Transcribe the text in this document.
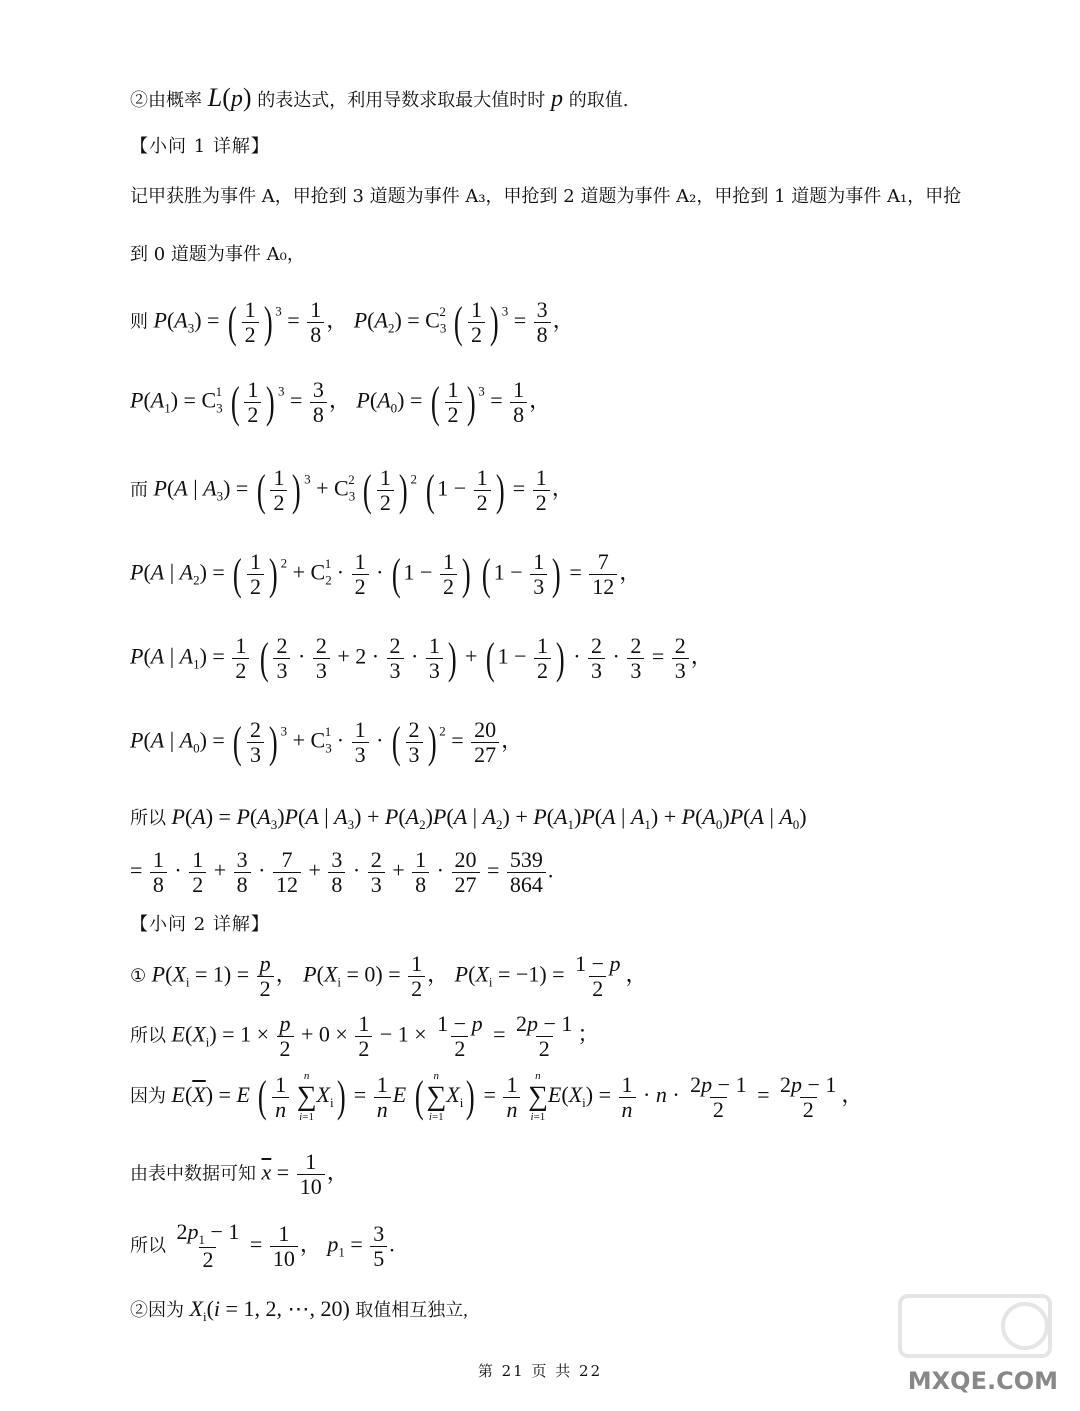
②由概率 L(p) 的表达式，利用导数求取最大值时时 p 的取值.
【小问 1 详解】
记甲获胜为事件 A，甲抢到 3 道题为事件 A₃，甲抢到 2 道题为事件 A₂，甲抢到 1 道题为事件 A₁，甲抢
到 0 道题为事件 A₀，
则 $P(A_3)$ = ( $\frac{1}{2}$ ) $^3 = \frac{1}{8}$ ， $P(A_2) = C_3^2$ ( $\frac{1}{2}$ ) $^3 = \frac{3}{8}$ ，
$P(A_1) = C_3^1$ ( $\frac{1}{2}$ ) $^3 = \frac{3}{8}$ ， $P(A_0)$ = ( $\frac{1}{2}$ ) $^3 = \frac{1}{8}$ ，
而 P(A | $A_3$) = ( $\frac{1}{2}$ ) $^3 + C_3^2$ ( $\frac{1}{2}$ ) $^2$ ( $1 - \frac{1}{2}$ ) = $\frac{1}{2}$ ，
P(A | $A_2$) = ( $\frac{1}{2}$ ) $^2 + C_2^1 \cdot \frac{1}{2}$ · ( $1 - \frac{1}{2}$ ) ( $1 - \frac{1}{3}$ ) = $\frac{7}{12}$ ，
P(A | $A_1) = \frac{1}{2}$ ( $\frac{2}{3} \cdot \frac{2}{3} + 2 \cdot \frac{2}{3} \cdot \frac{1}{3}$ ) + ( $1 - \frac{1}{2}$ ) · $\frac{2}{3} \cdot \frac{2}{3} = \frac{2}{3}$ ，
P(A | $A_0$) = ( $\frac{2}{3}$ ) $^3 + C_3^1 \cdot \frac{1}{3}$ · ( $\frac{2}{3}$ ) $^2 = \frac{20}{27}$ ，
所以 $P(A) = P(A_3)P(A$ | $A_3) + P(A_2)P(A$ | $A_2) + P(A_1)P(A$ | $A_1) + P(A_0)P(A$ | $A_0$)
= $\frac{1}{8} \cdot \frac{1}{2} + \frac{3}{8} \cdot \frac{7}{12} + \frac{3}{8} \cdot \frac{2}{3} + \frac{1}{8} \cdot \frac{20}{27} = \frac{539}{864}$ .
【小问 2 详解】
① $P(X_i = 1) = \frac{p}{2}$ ， $P(X_i = 0) = \frac{1}{2}$ ， $P(X_i = -1) = \frac{1 - p}{2}$ ，
所以 $E(X_i) = 1 \times \frac{p}{2} + 0 \times \frac{1}{2} - 1 \times \frac{1 - p}{2} = \frac{2p - 1}{2}$ ；
因为 $E(\overline{X}) = E$ ( $\frac{1}{n}$
n
∑
i=1
$X_i) = \frac{1}{n}$ E ( n
∑
i=1
$X_i) = \frac{1}{n}$
n
∑
i=1
$E(X_i) = \frac{1}{n} \cdot n \cdot \frac{2p - 1}{2} = \frac{2p - 1}{2}$ ，
由表中数据可知 $\overline{x} = \frac{1}{10}$ ，
所以 $\frac{2p_1 - 1}{2} = \frac{1}{10}$ ， $p_1 = \frac{3}{5}$ .
②因为 $X_i(i = 1$, 2, ⋯, 20) 取值相互独立,
第 21 页 共 22	MXQE.COM
